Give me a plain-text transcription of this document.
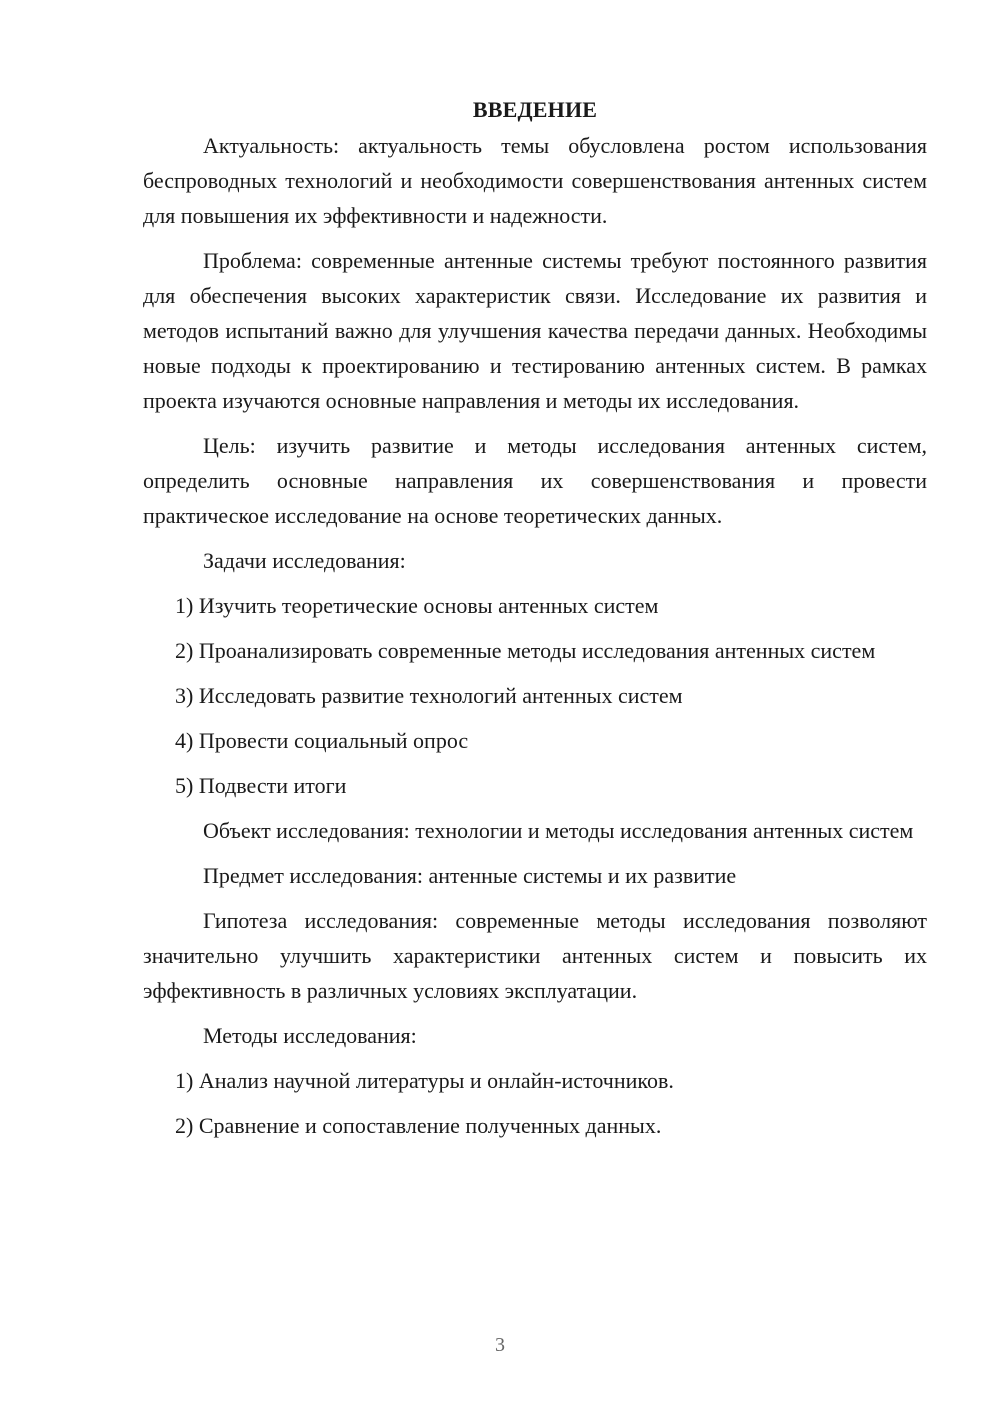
ВВЕДЕНИЕ

Актуальность: актуальность темы обусловлена ростом использования беспроводных технологий и необходимости совершенствования антенных систем для повышения их эффективности и надежности.

Проблема: современные антенные системы требуют постоянного развития для обеспечения высоких характеристик связи. Исследование их развития и методов испытаний важно для улучшения качества передачи данных. Необходимы новые подходы к проектированию и тестированию антенных систем. В рамках проекта изучаются основные направления и методы их исследования.

Цель: изучить развитие и методы исследования антенных систем, определить основные направления их совершенствования и провести практическое исследование на основе теоретических данных.

Задачи исследования:

1) Изучить теоретические основы антенных систем

2) Проанализировать современные методы исследования антенных систем

3) Исследовать развитие технологий антенных систем

4) Провести социальный опрос

5) Подвести итоги

Объект исследования: технологии и методы исследования антенных систем

Предмет исследования: антенные системы и их развитие

Гипотеза исследования: современные методы исследования позволяют значительно улучшить характеристики антенных систем и повысить их эффективность в различных условиях эксплуатации.

Методы исследования:

1) Анализ научной литературы и онлайн-источников.

2) Сравнение и сопоставление полученных данных.

3
